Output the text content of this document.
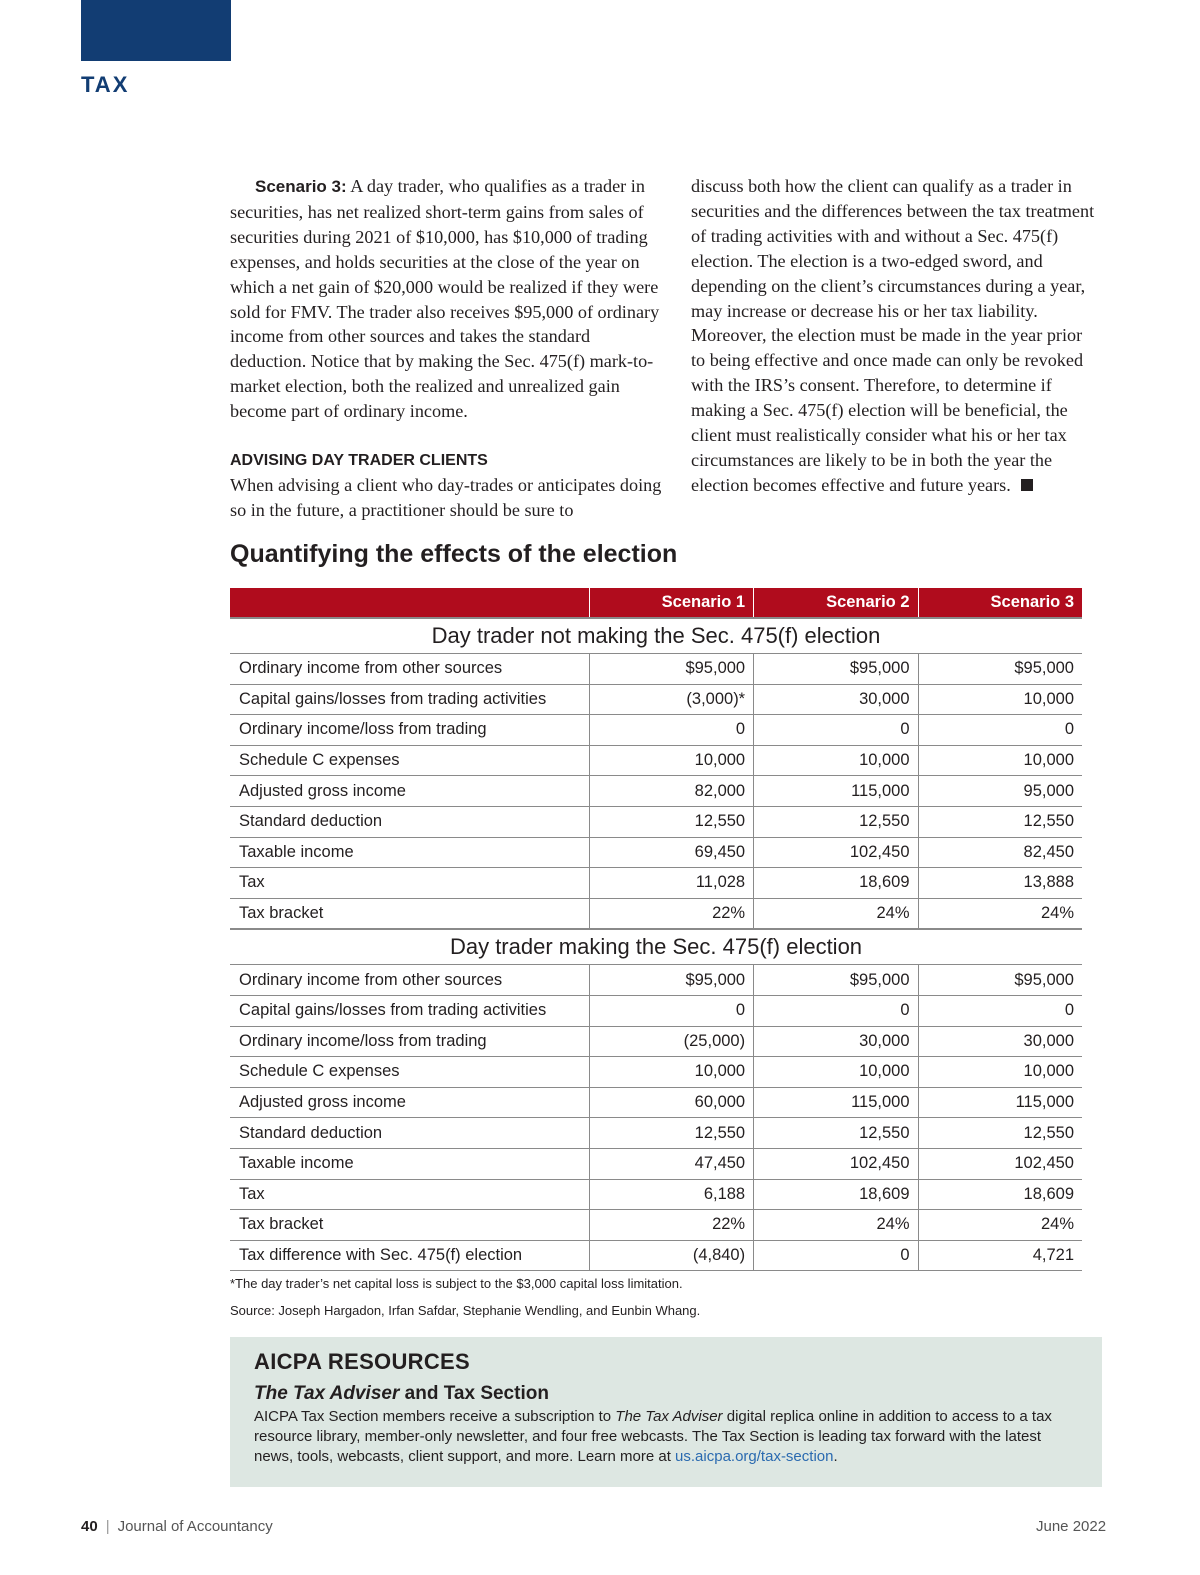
TAX

Scenario 3: A day trader, who qualifies as a trader in securities, has net realized short-term gains from sales of securities during 2021 of $10,000, has $10,000 of trading expenses, and holds securities at the close of the year on which a net gain of $20,000 would be realized if they were sold for FMV. The trader also receives $95,000 of ordinary income from other sources and takes the standard deduction. Notice that by making the Sec. 475(f) mark-to-market election, both the realized and unrealized gain become part of ordinary income.

ADVISING DAY TRADER CLIENTS

When advising a client who day-trades or anticipates doing so in the future, a practitioner should be sure to

discuss both how the client can qualify as a trader in securities and the differences between the tax treatment of trading activities with and without a Sec. 475(f) election. The election is a two-edged sword, and depending on the client’s circumstances during a year, may increase or decrease his or her tax liability. Moreover, the election must be made in the year prior to being effective and once made can only be revoked with the IRS’s consent. Therefore, to determine if making a Sec. 475(f) election will be beneficial, the client must realistically consider what his or her tax circumstances are likely to be in both the year the election becomes effective and future years.

Quantifying the effects of the election
	Scenario 1	Scenario 2	Scenario 3
Day trader not making the Sec. 475(f) election			
Ordinary income from other sources	$95,000	$95,000	$95,000
Capital gains/losses from trading activities	(3,000)*	30,000	10,000
Ordinary income/loss from trading	0	0	0
Schedule C expenses	10,000	10,000	10,000
Adjusted gross income	82,000	115,000	95,000
Standard deduction	12,550	12,550	12,550
Taxable income	69,450	102,450	82,450
Tax	11,028	18,609	13,888
Tax bracket	22%	24%	24%
Day trader making the Sec. 475(f) election			
Ordinary income from other sources	$95,000	$95,000	$95,000
Capital gains/losses from trading activities	0	0	0
Ordinary income/loss from trading	(25,000)	30,000	30,000
Schedule C expenses	10,000	10,000	10,000
Adjusted gross income	60,000	115,000	115,000
Standard deduction	12,550	12,550	12,550
Taxable income	47,450	102,450	102,450
Tax	6,188	18,609	18,609
Tax bracket	22%	24%	24%
Tax difference with Sec. 475(f) election	(4,840)	0	4,721
*The day trader’s net capital loss is subject to the $3,000 capital loss limitation.
Source: Joseph Hargadon, Irfan Safdar, Stephanie Wendling, and Eunbin Whang.
AICPA RESOURCES
The Tax Adviser and Tax Section
AICPA Tax Section members receive a subscription to The Tax Adviser digital replica online in addition to access to a tax resource library, member-only newsletter, and four free webcasts. The Tax Section is leading tax forward with the latest news, tools, webcasts, client support, and more. Learn more at us.aicpa.org/tax-section.
40 | Journal of Accountancy	June 2022
